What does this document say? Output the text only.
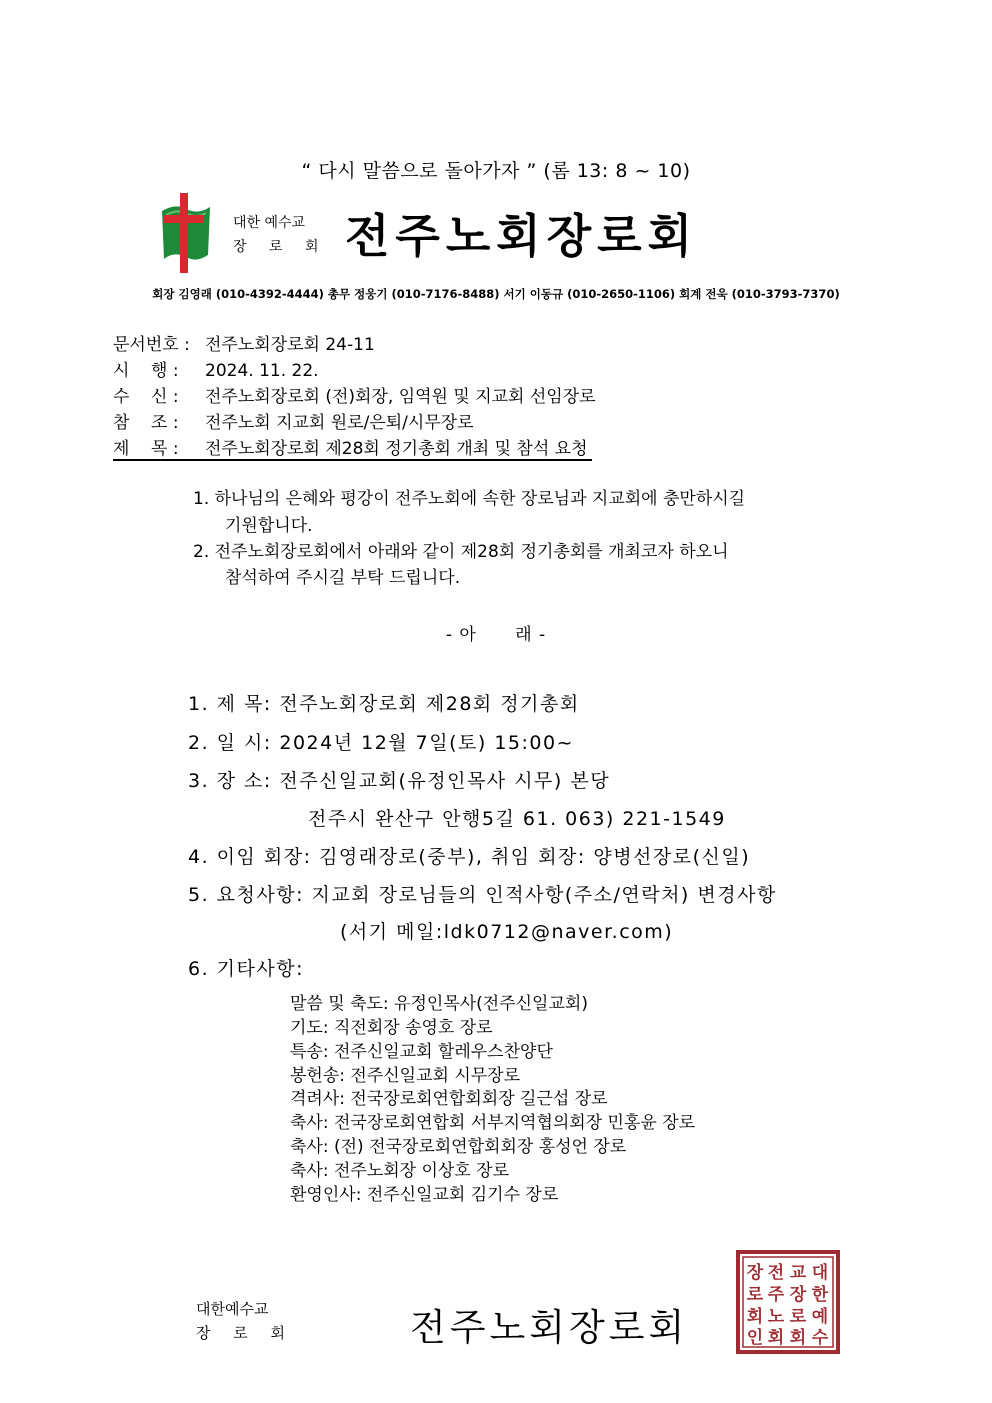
“ 다시 말씀으로 돌아가자 ” (롬 13: 8 ~ 10)
대한 예수교
장 로 회 전주노회장로회
회장 김영래 (010-4392-4444) 총무 정웅기 (010-7176-8488) 서기 이동규 (010-2650-1106) 회계 전욱 (010-3793-7370)
문서번호 : 전주노회장로회 24-11
시    행 : 2024. 11. 22.
수    신 : 전주노회장로회 (전)회장, 임역원 및 지교회 선임장로
참    조 : 전주노회 지교회 원로/은퇴/시무장로
제    목 : 전주노회장로회 제28회 정기총회 개최 및 참석 요청
1. 하나님의 은혜와 평강이 전주노회에 속한 장로님과 지교회에 충만하시길
기원합니다.
2. 전주노회장로회에서 아래와 같이 제28회 정기총회를 개최코자 하오니
참석하여 주시길 부탁 드립니다.
- 아      래 -
1. 제 목: 전주노회장로회 제28회 정기총회
2. 일 시: 2024년 12월 7일(토) 15:00~
3. 장 소: 전주신일교회(유정인목사 시무) 본당
전주시 완산구 안행5길 61. 063) 221-1549
4. 이임 회장: 김영래장로(중부), 취임 회장: 양병선장로(신일)
5. 요청사항: 지교회 장로님들의 인적사항(주소/연락처) 변경사항
(서기 메일:ldk0712@naver.com)
6. 기타사항:
말씀 및 축도: 유정인목사(전주신일교회)
기도: 직전회장 송영호 장로
특송: 전주신일교회 할레우스찬양단
봉헌송: 전주신일교회 시무장로
격려사: 전국장로회연합회회장 길근섭 장로
축사: 전국장로회연합회 서부지역협의회장 민홍윤 장로
축사: (전) 전국장로회연합회회장 홍성언 장로
축사: 전주노회장 이상호 장로
환영인사: 전주신일교회 김기수 장로
대한예수교
장 로 회	전주노회장로회
대
한
예
수
교
장
로
회
전
주
노
회
장
로
회
인
